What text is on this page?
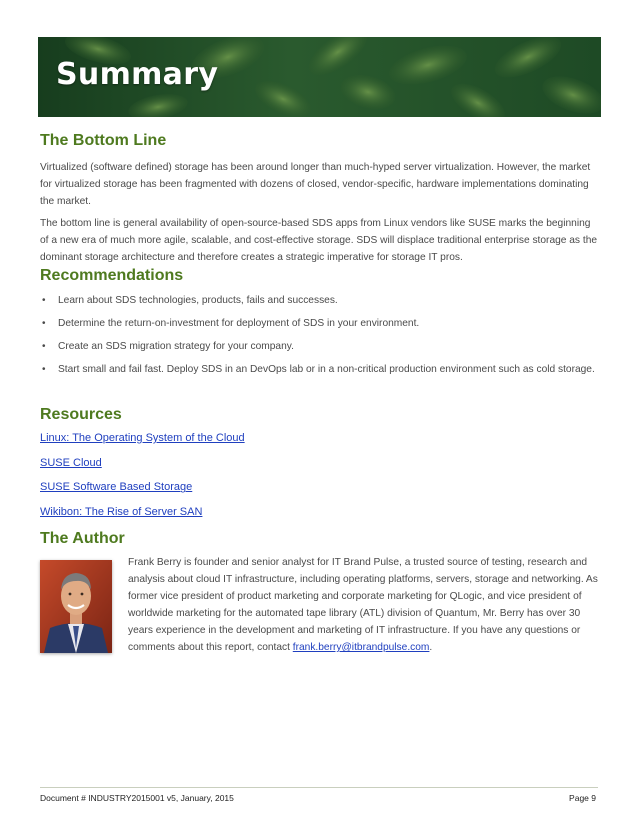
Summary
The Bottom Line

Virtualized (software defined) storage has been around longer than much-hyped server virtualization. However, the market for virtualized storage has been fragmented with dozens of closed, vendor-specific, hardware implementations dominating the market.

The bottom line is general availability of open-source-based SDS apps from Linux vendors like SUSE marks the beginning of a new era of much more agile, scalable, and cost-effective storage. SDS will displace traditional enterprise storage as the dominant storage architecture and therefore creates a strategic imperative for storage IT pros.

Recommendations
• Learn about SDS technologies, products, fails and successes.
• Determine the return-on-investment for deployment of SDS in your environment.
• Create an SDS migration strategy for your company.
• Start small and fail fast. Deploy SDS in an DevOps lab or in a non-critical production environment such as cold storage.
Resources
Linux: The Operating System of the Cloud
SUSE Cloud
SUSE Software Based Storage
Wikibon: The Rise of Server SAN
The Author

Frank Berry is founder and senior analyst for IT Brand Pulse, a trusted source of testing, research and analysis about cloud IT infrastructure, including operating platforms, servers, storage and networking. As former vice president of product marketing and corporate marketing for QLogic, and vice president of worldwide marketing for the automated tape library (ATL) division of Quantum, Mr. Berry has over 30 years experience in the development and marketing of IT infrastructure. If you have any questions or comments about this report, contact frank.berry@itbrandpulse.com.

Document # INDUSTRY2015001 v5, January, 2015	Page 9
